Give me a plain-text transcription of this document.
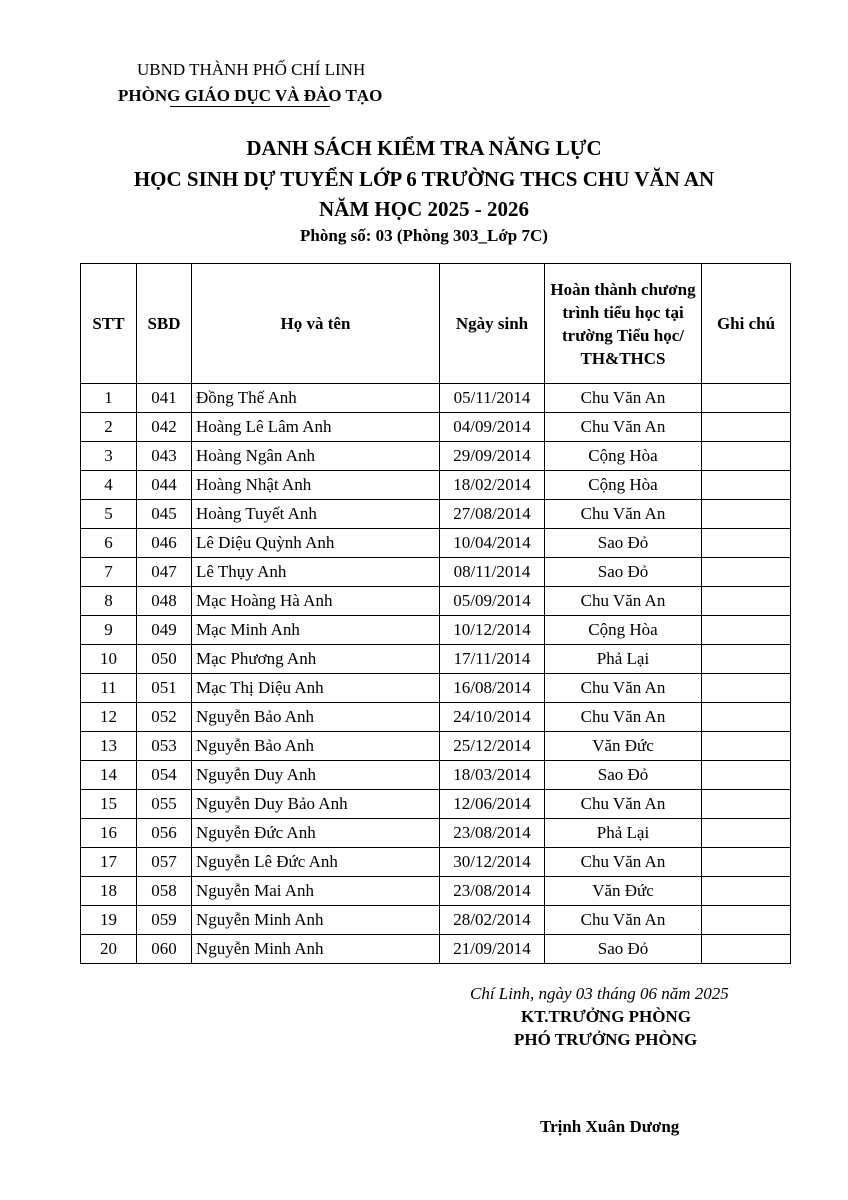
UBND THÀNH PHỐ CHÍ LINH
PHÒNG GIÁO DỤC VÀ ĐÀO TẠO
DANH SÁCH KIỂM TRA NĂNG LỰC
HỌC SINH DỰ TUYỂN LỚP 6 TRƯỜNG THCS CHU VĂN AN
NĂM HỌC 2025 - 2026
Phòng số: 03 (Phòng 303_Lớp 7C)
STT	SBD	Họ và tên	Ngày sinh	Hoàn thành chương trình tiểu học tại trường Tiểu học/ TH&THCS	Ghi chú
1	041	Đồng Thế Anh	05/11/2014	Chu Văn An	
2	042	Hoàng Lê Lâm Anh	04/09/2014	Chu Văn An	
3	043	Hoàng Ngân Anh	29/09/2014	Cộng Hòa	
4	044	Hoàng Nhật Anh	18/02/2014	Cộng Hòa	
5	045	Hoàng Tuyết Anh	27/08/2014	Chu Văn An	
6	046	Lê Diệu Quỳnh Anh	10/04/2014	Sao Đỏ	
7	047	Lê Thụy Anh	08/11/2014	Sao Đỏ	
8	048	Mạc Hoàng Hà Anh	05/09/2014	Chu Văn An	
9	049	Mạc Minh Anh	10/12/2014	Cộng Hòa	
10	050	Mạc Phương Anh	17/11/2014	Phả Lại	
11	051	Mạc Thị Diệu Anh	16/08/2014	Chu Văn An	
12	052	Nguyễn Bảo Anh	24/10/2014	Chu Văn An	
13	053	Nguyễn Bảo Anh	25/12/2014	Văn Đức	
14	054	Nguyễn Duy Anh	18/03/2014	Sao Đỏ	
15	055	Nguyễn Duy Bảo Anh	12/06/2014	Chu Văn An	
16	056	Nguyễn Đức Anh	23/08/2014	Phả Lại	
17	057	Nguyễn Lê Đức Anh	30/12/2014	Chu Văn An	
18	058	Nguyễn Mai Anh	23/08/2014	Văn Đức	
19	059	Nguyễn Minh Anh	28/02/2014	Chu Văn An	
20	060	Nguyễn Minh Anh	21/09/2014	Sao Đỏ	
Chí Linh, ngày 03 tháng 06 năm 2025
KT.TRƯỞNG PHÒNG
PHÓ TRƯỞNG PHÒNG
Trịnh Xuân Dương
